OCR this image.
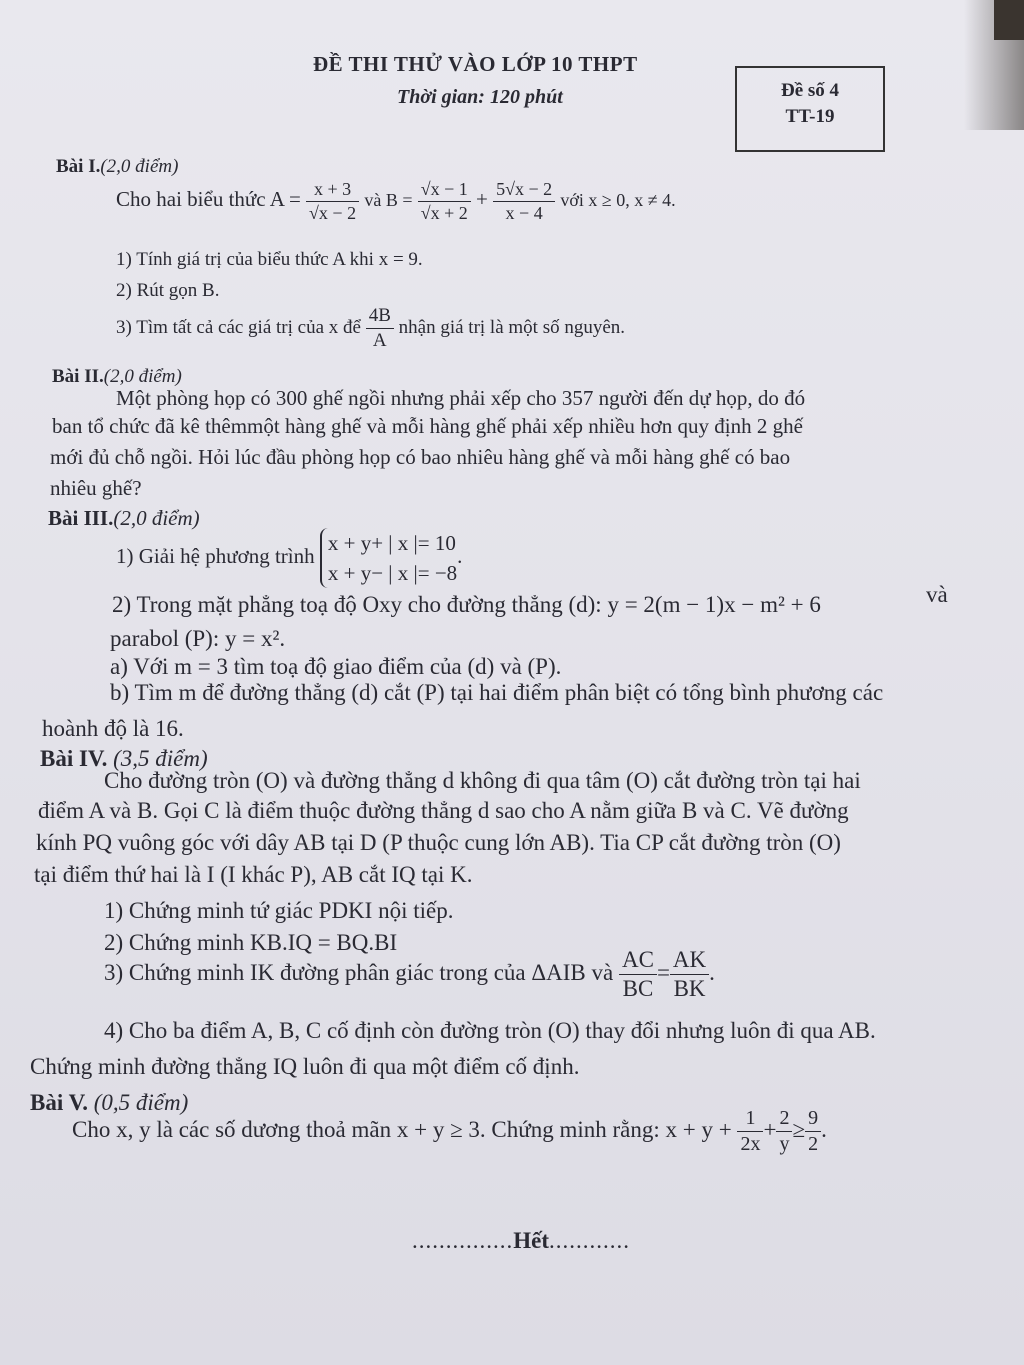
ĐỀ THI THỬ VÀO LỚP 10 THPT
Thời gian: 120 phút	Đề số 4
TT-19
Bài I.(2,0 điểm)
Cho hai biểu thức $A = \frac{x + 3}{√x - 2}$ và $B = \frac{√x - 1}{√x + 2} + \frac{5√x - 2}{x - 4}$ với x ≥ 0, x ≠ 4.
1) Tính giá trị của biểu thức A khi x = 9.
2) Rút gọn B.
3) Tìm tất cả các giá trị của x để $\frac{4B}{A}$ nhận giá trị là một số nguyên.
Bài II.(2,0 điểm)
Một phòng họp có 300 ghế ngồi nhưng phải xếp cho 357 người đến dự họp, do đó
ban tổ chức đã kê thêmmột hàng ghế và mỗi hàng ghế phải xếp nhiều hơn quy định 2 ghế
mới đủ chỗ ngồi. Hỏi lúc đầu phòng họp có bao nhiêu hàng ghế và mỗi hàng ghế có bao
nhiêu ghế?
Bài III.(2,0 điểm)
1) Giải hệ phương trình
x + y+ | x |= 10
x + y− | x |= −8
.
2) Trong mặt phẳng toạ độ Oxy cho đường thẳng (d): y = 2(m − 1)x − m² + 6	và
parabol (P): y = x².
a) Với m = 3 tìm toạ độ giao điểm của (d) và (P).
b) Tìm m để đường thẳng (d) cắt (P) tại hai điểm phân biệt có tổng bình phương các
hoành độ là 16.
Bài IV. (3,5 điểm)
Cho đường tròn (O) và đường thẳng d không đi qua tâm (O) cắt đường tròn tại hai
điểm A và B. Gọi C là điểm thuộc đường thẳng d sao cho A nằm giữa B và C. Vẽ đường
kính PQ vuông góc với dây AB tại D (P thuộc cung lớn AB). Tia CP cắt đường tròn (O)
tại điểm thứ hai là I (I khác P), AB cắt IQ tại K.
1) Chứng minh tứ giác PDKI nội tiếp.
2) Chứng minh KB.IQ = BQ.BI
3) Chứng minh IK đường phân giác trong của ΔAIB và $\frac{AC}{BC} = \frac{AK}{BK}$ .
4) Cho ba điểm A, B, C cố định còn đường tròn (O) thay đổi nhưng luôn đi qua AB.
Chứng minh đường thẳng IQ luôn đi qua một điểm cố định.
Bài V. (0,5 điểm)
Cho x, y là các số dương thoả mãn x + y ≥ 3. Chứng minh rằng: $x + y + \frac{1}{2x} + \frac{2}{y} \ge \frac{9}{2}$ .
...............Hết............
